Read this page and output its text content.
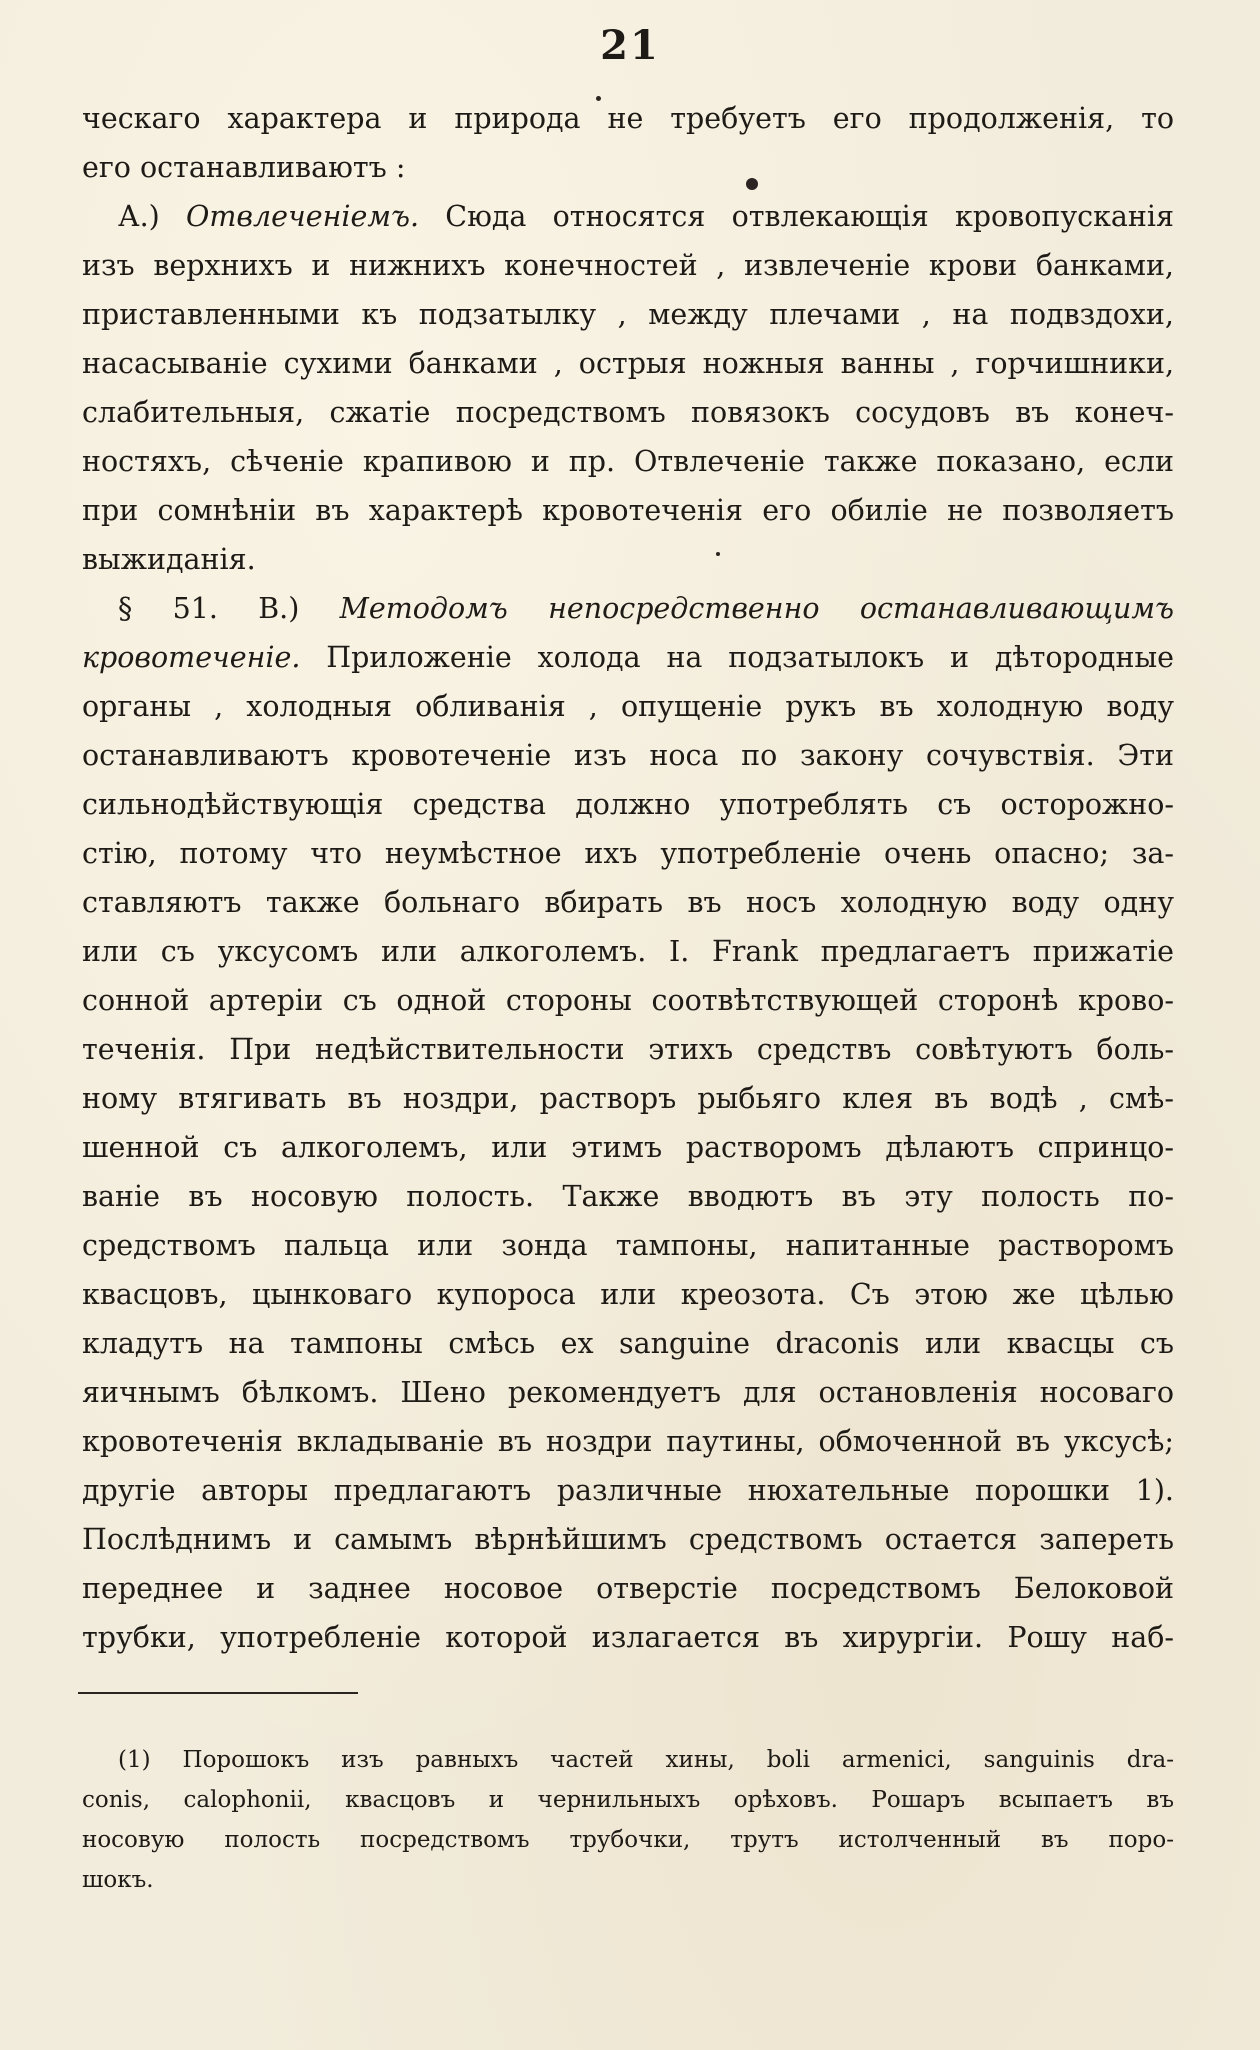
21
ческаго характера и природа не требуетъ его продолженія, то
его останавливаютъ :
А.) Отвлеченіемъ. Сюда относятся отвлекающія кровопусканія
изъ верхнихъ и нижнихъ конечностей , извлеченіе крови банками,
приставленными къ подзатылку , между плечами , на подвздохи,
насасываніе сухими банками , острыя ножныя ванны , горчишники,
слабительныя, сжатіе посредствомъ повязокъ сосудовъ въ конеч-
ностяхъ, сѣченіе крапивою и пр. Отвлеченіе также показано, если
при сомнѣніи въ характерѣ кровотеченія его обиліе не позволяетъ
выжиданія.
§ 51. В.) Методомъ непосредственно останавливающимъ
кровотеченіе. Приложеніе холода на подзатылокъ и дѣтородные
органы , холодныя обливанія , опущеніе рукъ въ холодную воду
останавливаютъ кровотеченіе изъ носа по закону сочувствія. Эти
сильнодѣйствующія средства должно употреблять съ осторожно-
стію, потому что неумѣстное ихъ употребленіе очень опасно; за-
ставляютъ также больнаго вбирать въ носъ холодную воду одну
или съ уксусомъ или алкоголемъ. I. Frank предлагаетъ прижатіе
сонной артеріи съ одной стороны соотвѣтствующей сторонѣ крово-
теченія. При недѣйствительности этихъ средствъ совѣтуютъ боль-
ному втягивать въ ноздри, растворъ рыбьяго клея въ водѣ , смѣ-
шенной съ алкоголемъ, или этимъ растворомъ дѣлаютъ спринцо-
ваніе въ носовую полость. Также вводютъ въ эту полость по-
средствомъ пальца или зонда тампоны, напитанные растворомъ
квасцовъ, цынковаго купороса или креозота. Съ этою же цѣлью
кладутъ на тампоны смѣсь ex sanguine draconis или квасцы съ
яичнымъ бѣлкомъ. Шено рекомендуетъ для остановленія носоваго
кровотеченія вкладываніе въ ноздри паутины, обмоченной въ уксусѣ;
другіе авторы предлагаютъ различные нюхательные порошки 1).
Послѣднимъ и самымъ вѣрнѣйшимъ средствомъ остается запереть
переднее и заднее носовое отверстіе посредствомъ Белоковой
трубки, употребленіе которой излагается въ хирургіи. Рошу наб-
(1) Порошокъ изъ равныхъ частей хины, boli armenici, sanguinis dra-
conis, calophonii, квасцовъ и чернильныхъ орѣховъ. Рошаръ всыпаетъ въ
носовую полость посредствомъ трубочки, трутъ истолченный въ поро-
шокъ.
